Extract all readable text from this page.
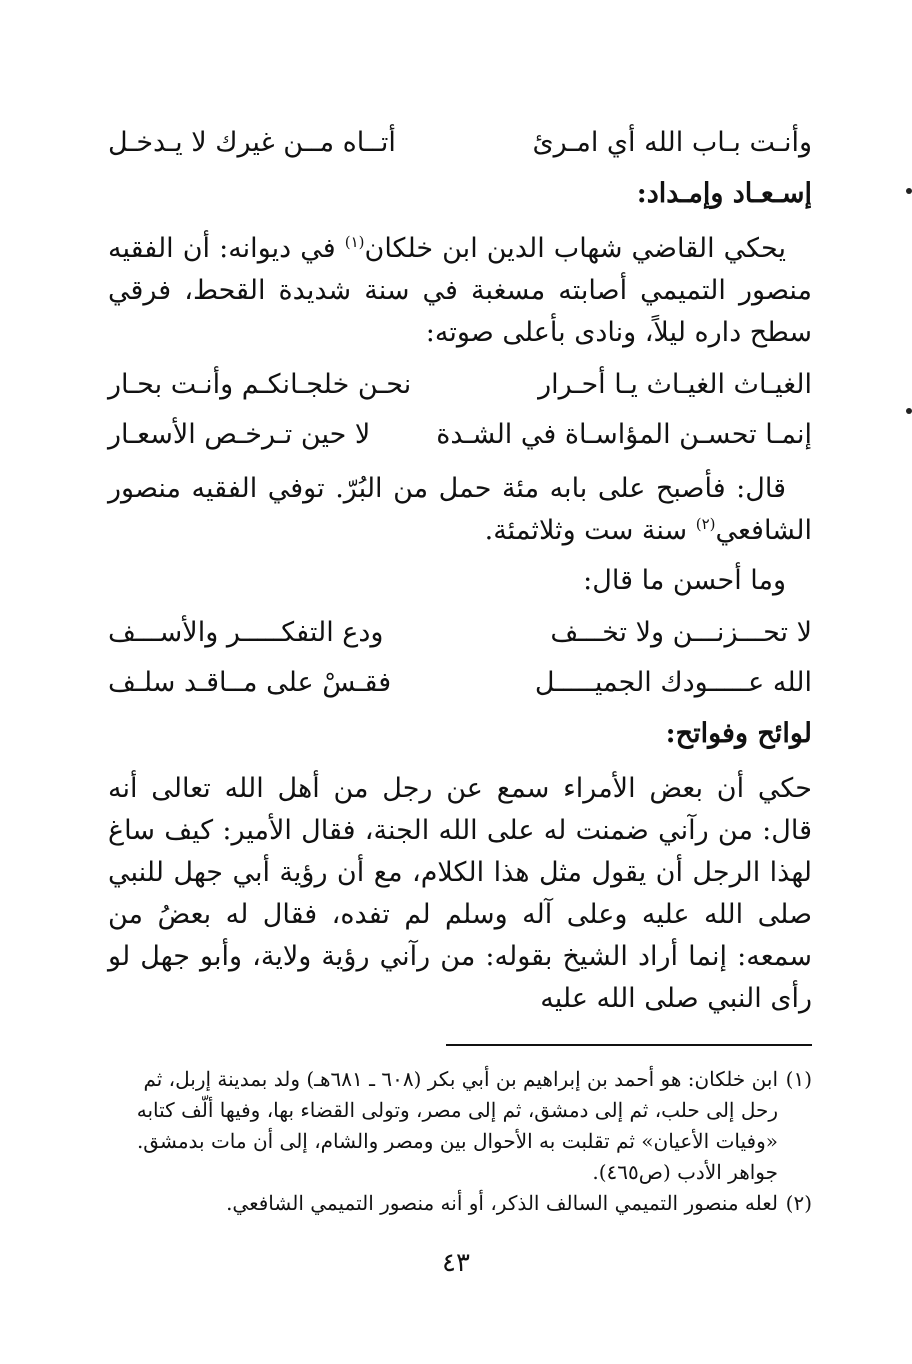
وأنـت بـاب الله أي امـرئ
أتــاه مــن غيرك لا يـدخـل
إسـعـاد وإمـداد:
يحكي القاضي شهاب الدين ابن خلكان$^{(١)}$ في ديوانه: أن الفقيه منصور التميمي أصابته مسغبة في سنة شديدة القحط، فرقي سطح داره ليلاً، ونادى بأعلى صوته:
الغيـاث الغيـاث يـا أحـرار
نحـن خلجـانكـم وأنـت بحـار
إنمـا تحسـن المؤاسـاة في الشـدة
لا حين تـرخـص الأسعـار
قال: فأصبح على بابه مئة حمل من البُرّ. توفي الفقيه منصور الشافعي$^{(٢)}$ سنة ست وثلاثمئة.
وما أحسن ما قال:
لا تحـــزنـــن ولا تخـــف
ودع التفكـــــر والأســـف
الله عـــــودك الجميـــــل
فقـسْ على مــاقـد سلـف
لوائح وفواتح:
حكي أن بعض الأمراء سمع عن رجل من أهل الله تعالى أنه قال: من رآني ضمنت له على الله الجنة، فقال الأمير: كيف ساغ لهذا الرجل أن يقول مثل هذا الكلام، مع أن رؤية أبي جهل للنبي صلى الله عليه وعلى آله وسلم لم تفده، فقال له بعضُ من سمعه: إنما أراد الشيخ بقوله: من رآني رؤية ولاية، وأبو جهل لو رأى النبي صلى الله عليه
(١)
ابن خلكان: هو أحمد بن إبراهيم بن أبي بكر (٦٠٨ ـ ٦٨١هـ) ولد بمدينة إربل، ثم رحل إلى حلب، ثم إلى دمشق، ثم إلى مصر، وتولى القضاء بها، وفيها ألّف كتابه «وفيات الأعيان» ثم تقلبت به الأحوال بين ومصر والشام، إلى أن مات بدمشق. جواهر الأدب (ص٤٦٥).
(٢)
لعله منصور التميمي السالف الذكر، أو أنه منصور التميمي الشافعي.
٤٣
